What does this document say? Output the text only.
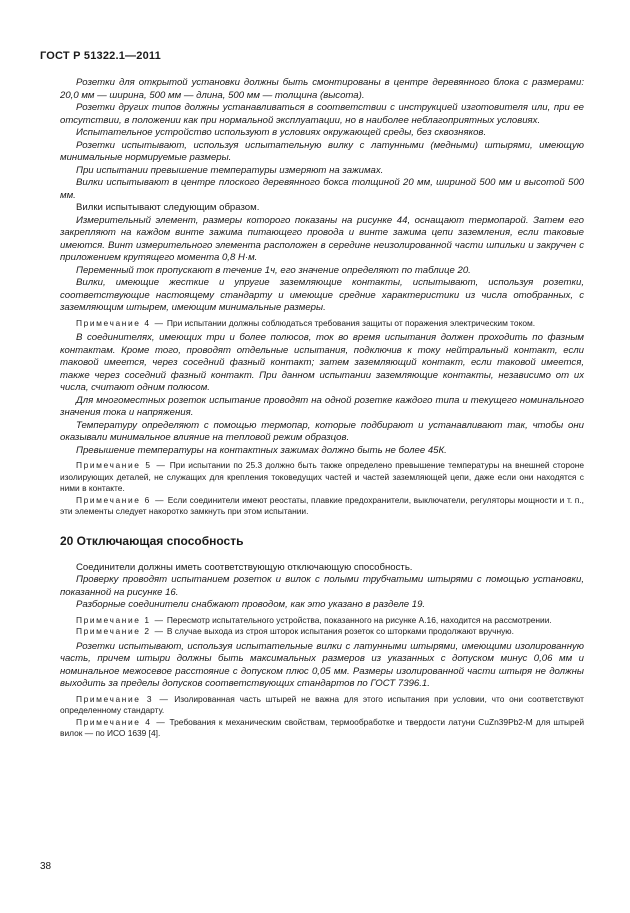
ГОСТ Р 51322.1—2011

Розетки для открытой установки должны быть смонтированы в центре деревянного блока с размерами: 20,0 мм — ширина, 500 мм — длина, 500 мм — толщина (высота).

Розетки других типов должны устанавливаться в соответствии с инструкцией изготовителя или, при ее отсутствии, в положении как при нормальной эксплуатации, но в наиболее неблагоприятных условиях.

Испытательное устройство используют в условиях окружающей среды, без сквозняков.

Розетки испытывают, используя испытательную вилку с латунными (медными) штырями, имеющую минимальные нормируемые размеры.

При испытании превышение температуры измеряют на зажимах.

Вилки испытывают в центре плоского деревянного бокса толщиной 20 мм, шириной 500 мм и высотой 500 мм.

Вилки испытывают следующим образом.

Измерительный элемент, размеры которого показаны на рисунке 44, оснащают термопарой. Затем его закрепляют на каждом винте зажима питающего провода и винте зажима цепи заземления, если таковые имеются. Винт измерительного элемента расположен в середине неизолированной части шпильки и закручен с приложением крутящего момента 0,8 Н·м.

Переменный ток пропускают в течение 1ч, его значение определяют по таблице 20.

Вилки, имеющие жесткие и упругие заземляющие контакты, испытывают, используя розетки, соответствующие настоящему стандарту и имеющие средние характеристики из числа отобранных, с заземляющим штырем, имеющим минимальные размеры.

Примечание 4 — При испытании должны соблюдаться требования защиты от поражения электрическим током.

В соединителях, имеющих три и более полюсов, ток во время испытания должен проходить по фазным контактам. Кроме того, проводят отдельные испытания, подключив к току нейтральный контакт, если таковой имеется, через соседний фазный контакт; затем заземляющий контакт, если таковой имеется, также через соседний фазный контакт. При данном испытании заземляющие контакты, независимо от их числа, считают одним полюсом.

Для многоместных розеток испытание проводят на одной розетке каждого типа и текущего номинального значения тока и напряжения.

Температуру определяют с помощью термопар, которые подбирают и устанавливают так, чтобы они оказывали минимальное влияние на тепловой режим образцов.

Превышение температуры на контактных зажимах должно быть не более 45К.

Примечание 5 — При испытании по 25.3 должно быть также определено превышение температуры на внешней стороне изолирующих деталей, не служащих для крепления токоведущих частей и частей заземляющей цепи, даже если они находятся с ними в контакте.

Примечание 6 — Если соединители имеют реостаты, плавкие предохранители, выключатели, регуляторы мощности и т. п., эти элементы следует накоротко замкнуть при этом испытании.

20 Отключающая способность

Соединители должны иметь соответствующую отключающую способность.

Проверку проводят испытанием розеток и вилок с полыми трубчатыми штырями с помощью установки, показанной на рисунке 16.

Разборные соединители снабжают проводом, как это указано в разделе 19.

Примечание 1 — Пересмотр испытательного устройства, показанного на рисунке А.16, находится на рассмотрении.

Примечание 2 — В случае выхода из строя шторок испытания розеток со шторками продолжают вручную.

Розетки испытывают, используя испытательные вилки с латунными штырями, имеющими изолированную часть, причем штыри должны быть максимальных размеров из указанных с допуском минус 0,06 мм и номинальное межосевое расстояние с допуском плюс 0,05 мм. Размеры изолированной части штыря не должны выходить за пределы допусков соответствующих стандартов по ГОСТ 7396.1.

Примечание 3 — Изолированная часть штырей не важна для этого испытания при условии, что они соответствуют определенному стандарту.

Примечание 4 — Требования к механическим свойствам, термообработке и твердости латуни CuZn39Pb2-M для штырей вилок — по ИСО 1639 [4].

38
